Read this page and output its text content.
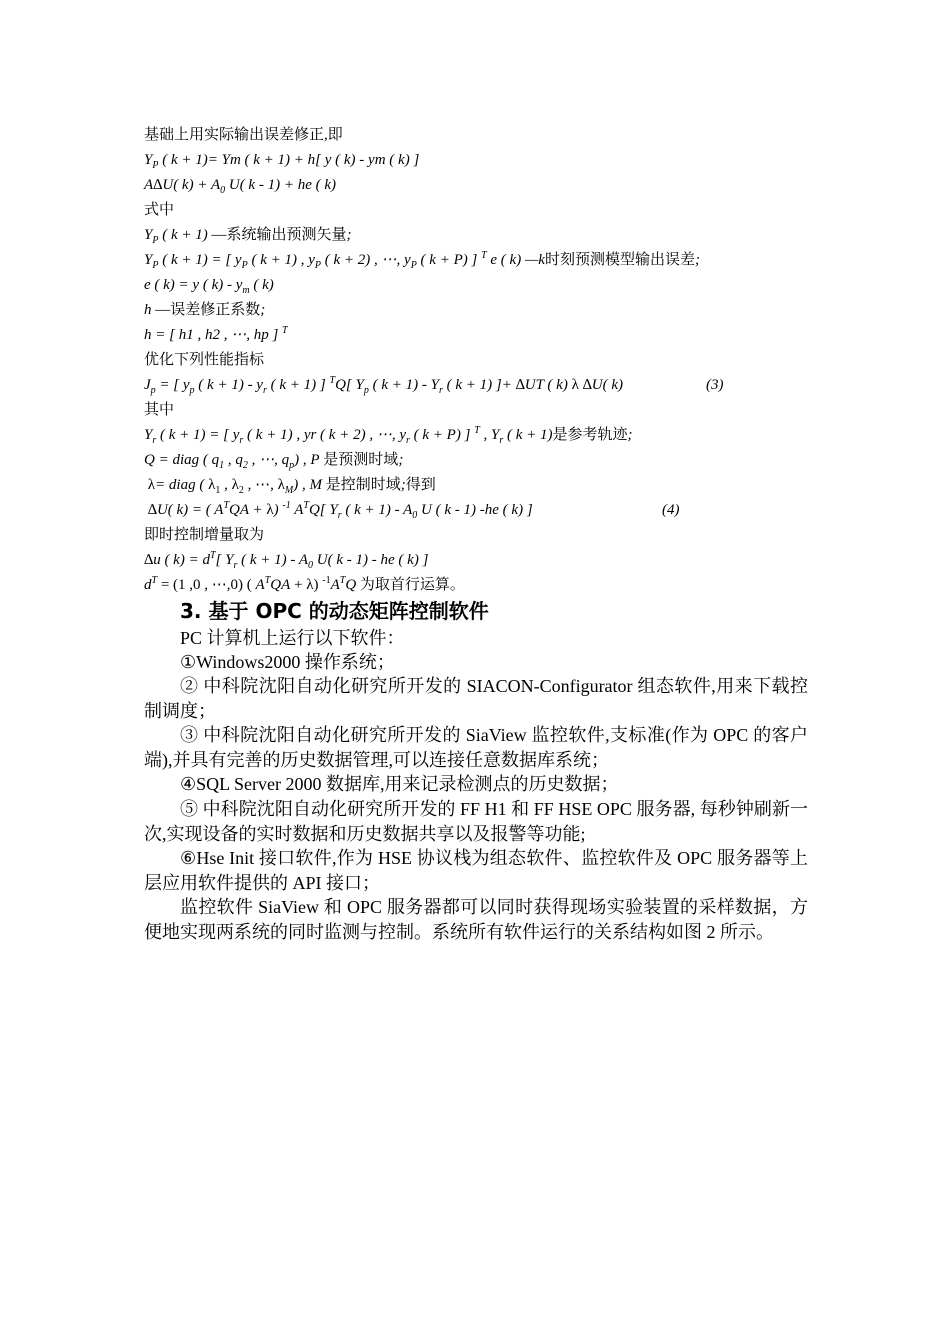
基础上用实际输出误差修正,即
$Y_P$ ( k + 1)= Ym ( k + 1) + h[ y ( k) - ym ( k) ]
A∆U( $k) + A_0$ U( k - 1) + he ( k)
式中
$Y_P$ ( k + 1) —系统输出预测矢量;
$Y_P$ ( k + 1) = [ $y_P$ ( k + 1) , $y_P$ ( k + 2) , ⋯, $y_P$ ( k + P) ] $^T$ e ( k) —k时刻预测模型输出误差;
e ( k) = y ( $k) - y_m$ ( k)
h —误差修正系数;
h = [ h1 , h2 , ⋯, hp ] $^T$
优化下列性能指标
$J_p$ = [ $y_p$ ( $k + 1) - y_r$ ( k + 1) ] $^T$Q[ $Y_p$ ( $k + 1) - Y_r$ ( k + 1) ]+ ∆UT ( k) λ ∆U( k)	(3)
其中
$Y_r$ ( k + 1) = [ $y_r$ ( k + 1) , yr ( k + 2) , ⋯, $y_r$ ( k + P) ] $^T$ , $Y_r$ ( k + 1)是参考轨迹;
Q = diag ( $q_1$ , $q_2$ , ⋯, $q_p$) , P 是预测时域;
λ= diag ( $\lambda_1$ , $\lambda_2$ , ⋯, $\lambda_M$) , M 是控制时域;得到
∆U( k) = ( $A^TQA + \lambda$) $^{-1}$ $A^TQ$[ $Y_r$ ( $k + 1) - A_0$ U ( k - 1) -he ( k) ]	(4)
即时控制增量取为
∆u ( $k) = d^T$[ $Y_r$ ( $k + 1) - A_0$ U( k - 1) - he ( k) ]
$d^T = (1$ ,0 , ⋯,0) ( $A^TQA + \lambda$) $^{-1}A^TQ$ 为取首行运算。
3. 基于 OPC 的动态矩阵控制软件
PC 计算机上运行以下软件：
①Windows2000 操作系统；
② 中科院沈阳自动化研究所开发的 SIACON-Configurator 组态软件,用来下载控制调度；
③ 中科院沈阳自动化研究所开发的 SiaView 监控软件,支标准(作为 OPC 的客户端),并具有完善的历史数据管理,可以连接任意数据库系统；
④SQL Server 2000 数据库,用来记录检测点的历史数据；
⑤ 中科院沈阳自动化研究所开发的 FF H1 和 FF HSE OPC 服务器, 每秒钟刷新一次,实现设备的实时数据和历史数据共享以及报警等功能;
⑥Hse Init 接口软件,作为 HSE 协议栈为组态软件、监控软件及 OPC 服务器等上层应用软件提供的 API 接口；
监控软件 SiaView 和 OPC 服务器都可以同时获得现场实验装置的采样数据，方便地实现两系统的同时监测与控制。系统所有软件运行的关系结构如图 2 所示。
